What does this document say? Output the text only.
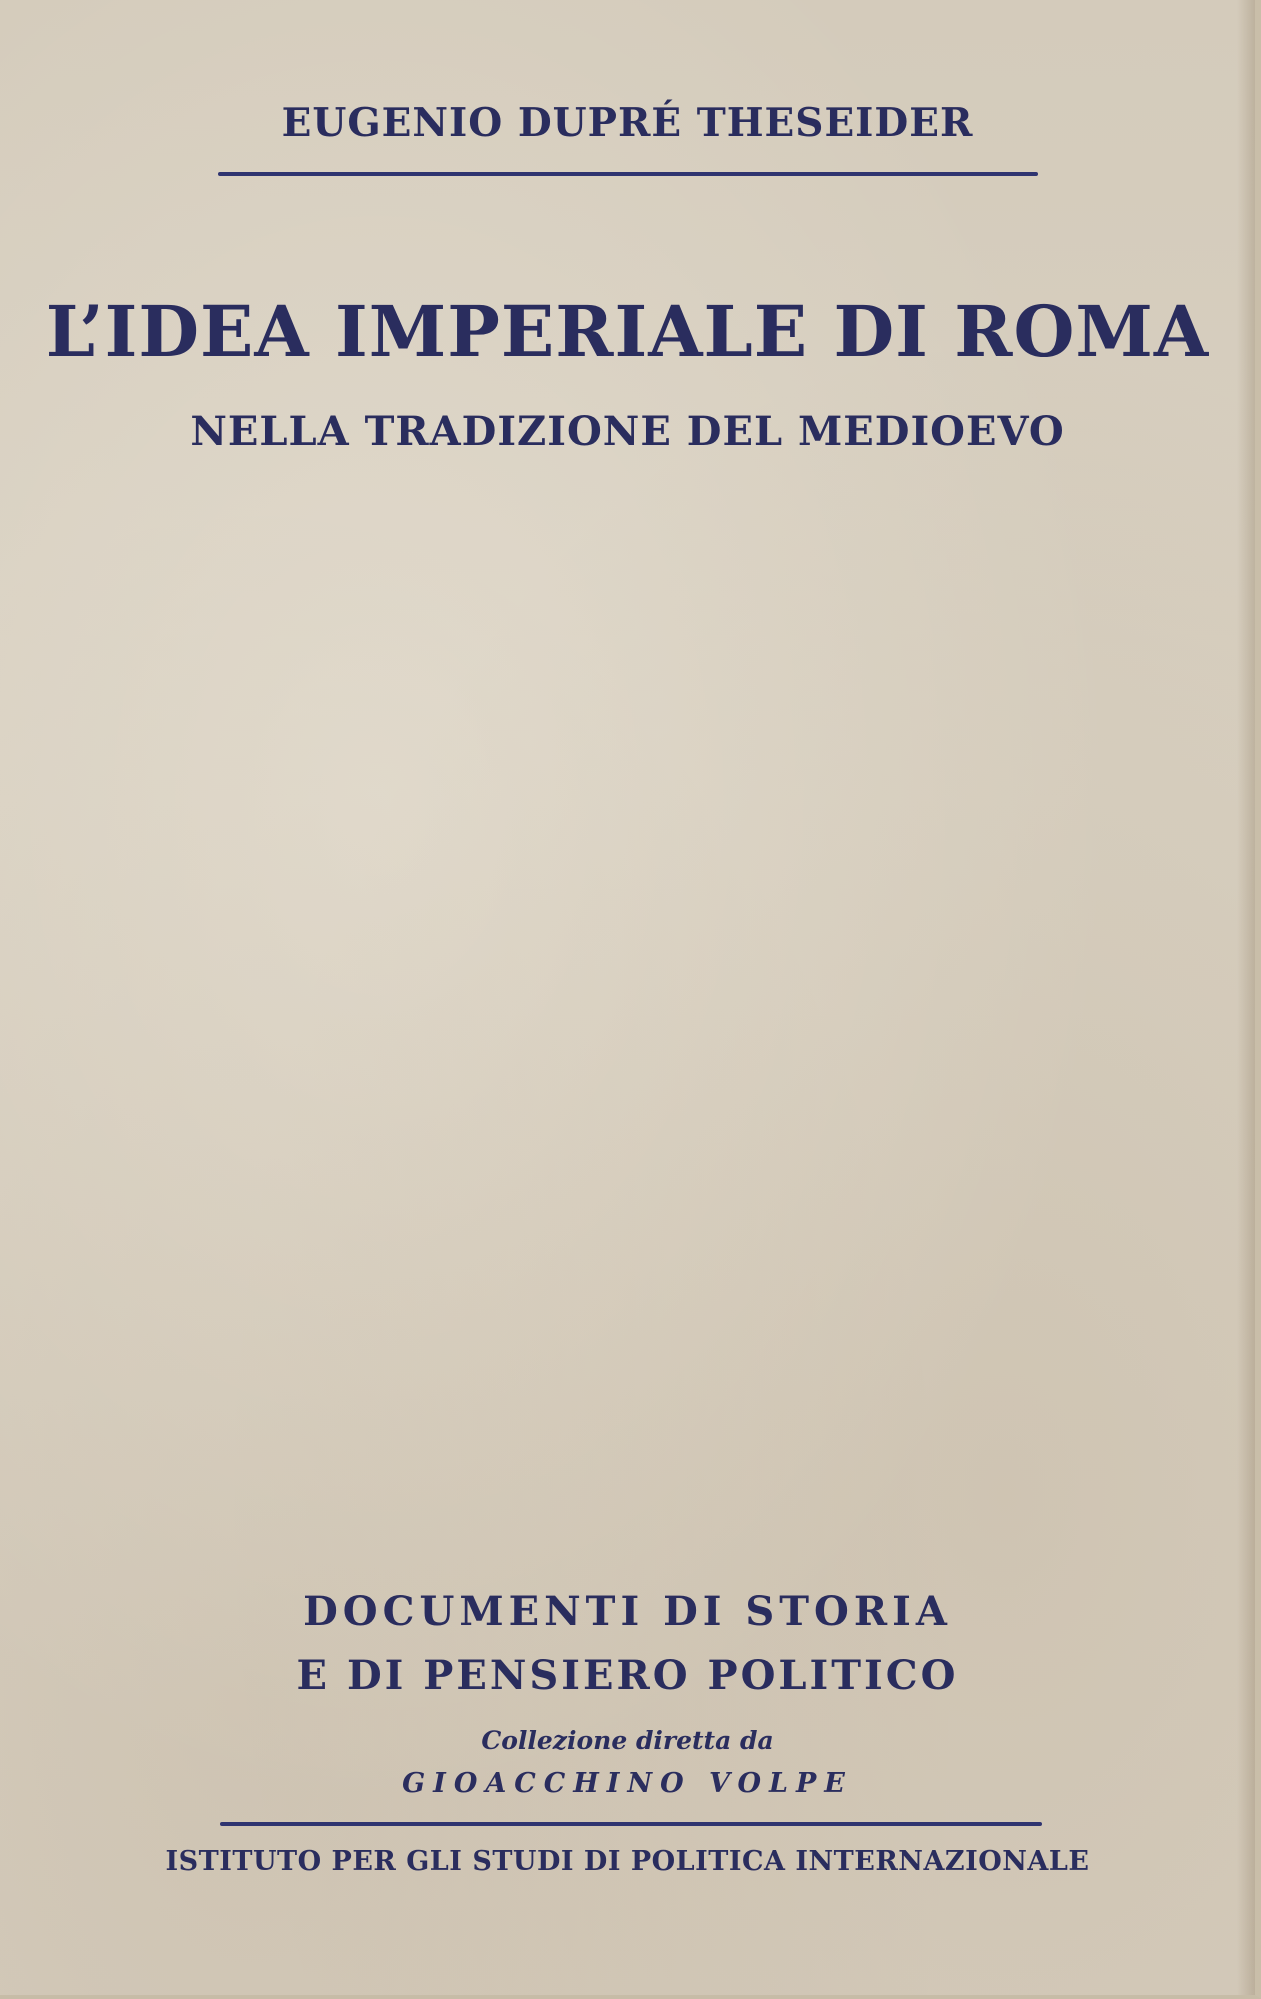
EUGENIO DUPRÉ THESEIDER
L’IDEA IMPERIALE DI ROMA
NELLA TRADIZIONE DEL MEDIOEVO
DOCUMENTI DI STORIA
E DI PENSIERO POLITICO
Collezione diretta da
GIOACCHINO VOLPE
ISTITUTO PER GLI STUDI DI POLITICA INTERNAZIONALE
